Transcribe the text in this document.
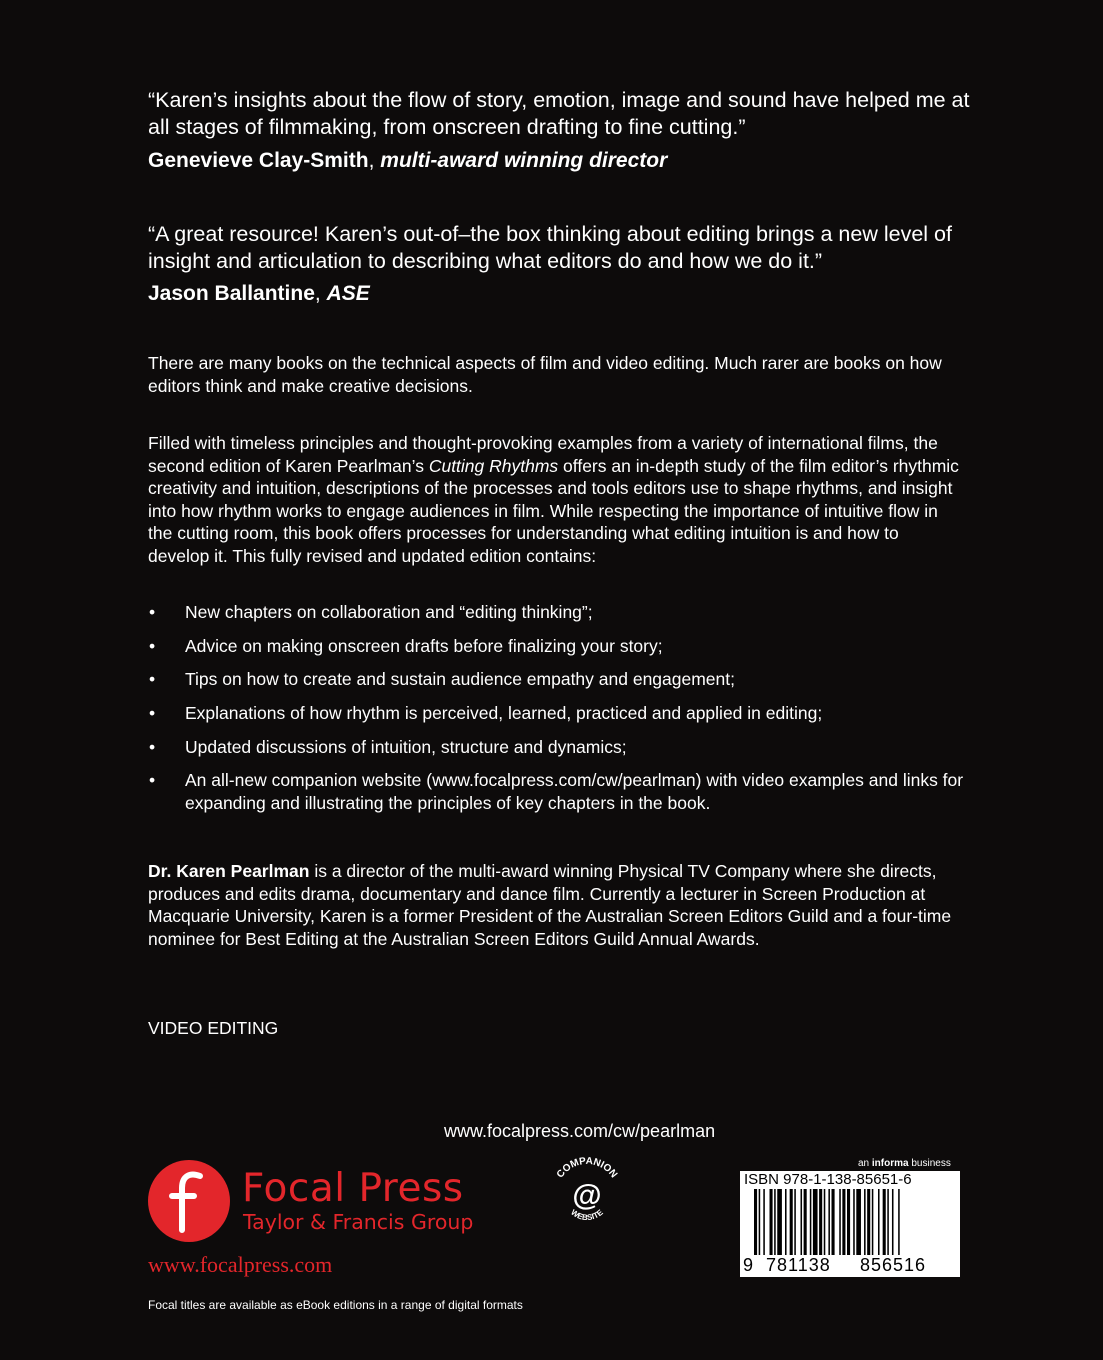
“Karen’s insights about the flow of story, emotion, image and sound have helped me at all stages of filmmaking, from onscreen drafting to fine cutting.”
Genevieve Clay-Smith, multi-award winning director
“A great resource! Karen’s out-of–the box thinking about editing brings a new level of insight and articulation to describing what editors do and how we do it.”
Jason Ballantine, ASE
There are many books on the technical aspects of film and video editing. Much rarer are books on how editors think and make creative decisions.
Filled with timeless principles and thought-provoking examples from a variety of international films, the second edition of Karen Pearlman’s Cutting Rhythms offers an in-depth study of the film editor’s rhythmic creativity and intuition, descriptions of the processes and tools editors use to shape rhythms, and insight into how rhythm works to engage audiences in film. While respecting the importance of intuitive flow in the cutting room, this book offers processes for understanding what editing intuition is and how to develop it. This fully revised and updated edition contains:
• New chapters on collaboration and “editing thinking”;
• Advice on making onscreen drafts before finalizing your story;
• Tips on how to create and sustain audience empathy and engagement;
• Explanations of how rhythm is perceived, learned, practiced and applied in editing;
• Updated discussions of intuition, structure and dynamics;
• An all-new companion website (www.focalpress.com/cw/pearlman) with video examples and links for expanding and illustrating the principles of key chapters in the book.
Dr. Karen Pearlman is a director of the multi-award winning Physical TV Company where she directs, produces and edits drama, documentary and dance film. Currently a lecturer in Screen Production at Macquarie University, Karen is a former President of the Australian Screen Editors Guild and a four-time nominee for Best Editing at the Australian Screen Editors Guild Annual Awards.
VIDEO EDITING
www.focalpress.com/cw/pearlman
Focal Press
Taylor & Francis Group
www.focalpress.com
Focal titles are available as eBook editions in a range of digital formats
COMPANION
@
WEBSITE
an informa business
ISBN 978-1-138-85651-6
9 781138 856516
